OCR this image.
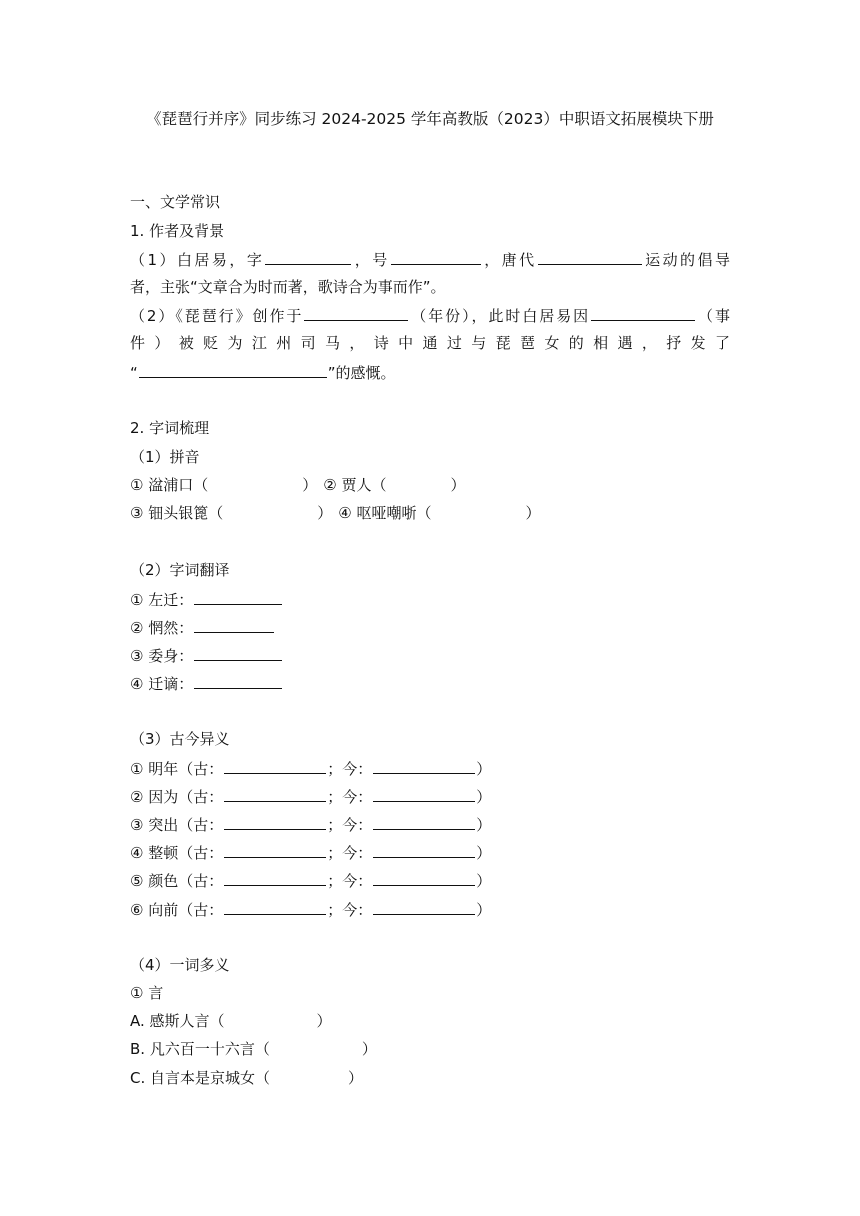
《琵琶行并序》同步练习 2024-2025 学年高教版（2023）中职语文拓展模块下册
一、文学常识
1. 作者及背景
（1）白居易，字	，号	，唐代	运动的倡导
者，主张“文章合为时而著，歌诗合为事而作”。
（2）《琵琶行》创作于	（年份），此时白居易因	（事
件）被贬为江州司马，诗中通过与琵琶女的相遇，抒发了
“	”的感慨。
2. 字词梳理
（1）拼音
① 湓浦口（	） ② 贾人（	）
③ 钿头银篦（	） ④ 呕哑嘲哳（	）
（2）字词翻译
① 左迁：
② 惘然：
③ 委身：
④ 迁谪：
（3）古今异义
① 明年（古：	；今：	）
② 因为（古：	；今：	）
③ 突出（古：	；今：	）
④ 整顿（古：	；今：	）
⑤ 颜色（古：	；今：	）
⑥ 向前（古：	；今：	）
（4）一词多义
① 言
A. 感斯人言（	）
B. 凡六百一十六言（	）
C. 自言本是京城女（	）
